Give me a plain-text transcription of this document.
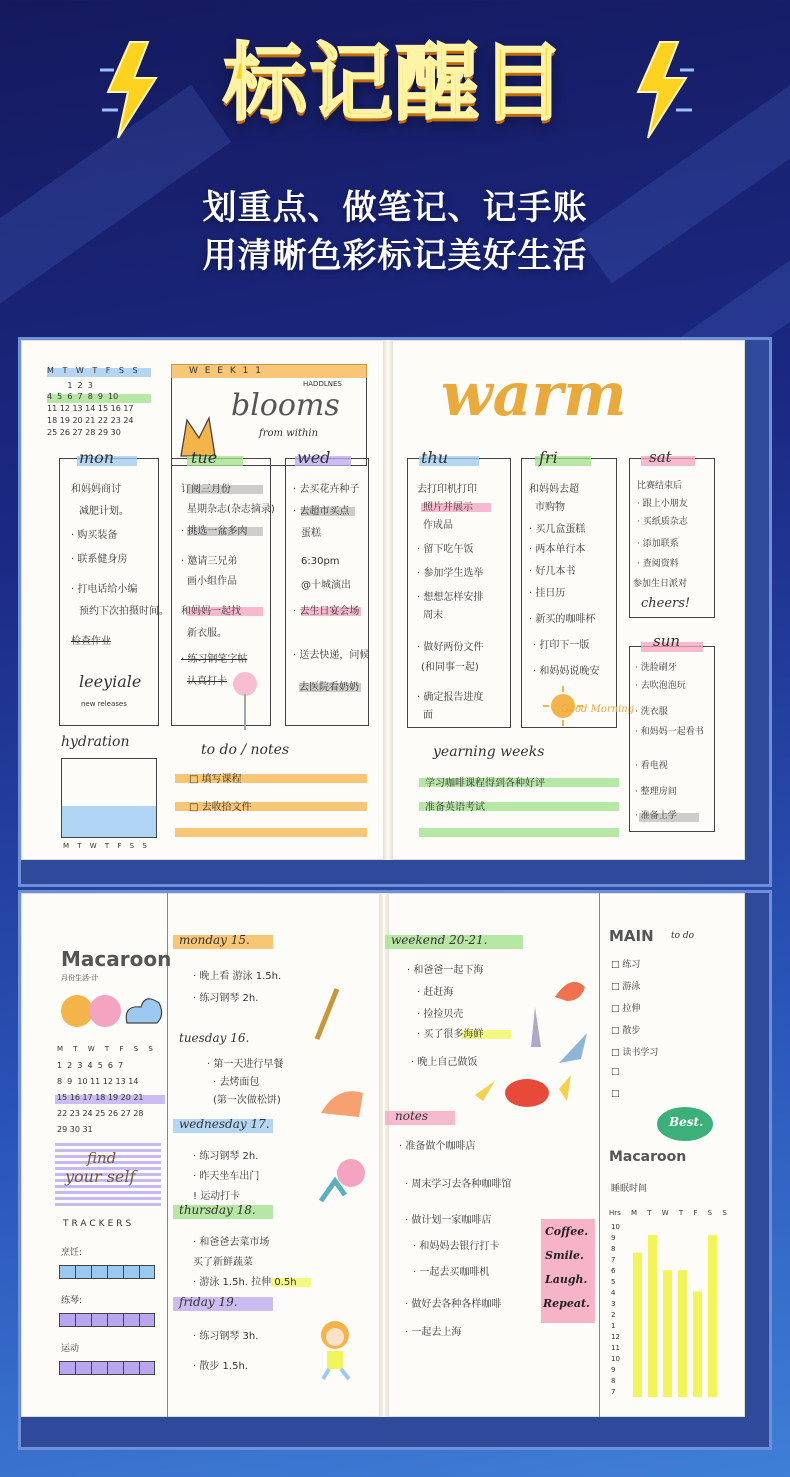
标记醒目
划重点、做笔记、记手账
用清晰色彩标记美好生活
M T W T F S S
1  2  3
4  5  6  7  8  9  10
11 12 13 14 15 16 17
18 19 20 21 22 23 24
25 26 27 28 29 30
W E E K 1 1
HADDLNES
blooms
from within
mon
和妈妈商讨
减肥计划。
· 购买装备
· 联系健身房
· 打电话给小编
预约下次拍摄时间。
检查作业
leeyiale
new releases
tue
订阅三月份
星期杂志(杂志摘录)
· 挑选一盆多肉
· 邀请三兄弟
画小组作品
和妈妈一起找
新衣服。
· 练习钢笔字帖
认真打卡
wed
· 去买花卉种子
· 去超市买点
蛋糕
6:30pm
@十城演出
· 去生日宴会场
· 送去快递，问候
去医院看奶奶
hydration
M T W T F S S
to do / notes
□ 填写课程
□ 去收拾文件
warm
thu
去打印机打印
照片并展示
作成品
· 留下吃午饭
· 参加学生选举
· 想想怎样安排
周末
· 做好两份文件
(和同事一起)
· 确定报告进度
面
fri
和妈妈去超
市购物
· 买几盒蛋糕
· 两本单行本
· 好几本书
· 挂日历
· 新买的咖啡杯
· 打印下一版
· 和妈妈说晚安
Good Morning
sat
比赛结束后
· 跟上小朋友
· 买纸质杂志
· 添加联系
· 查阅资料
参加生日派对
cheers!
sun
· 洗脸刷牙
· 去吹泡泡玩
· 洗衣服
· 和妈妈一起看书
· 看电视
· 整理房间
· 准备上学
yearning weeks
学习咖啡课程得到各种好评
准备英语考试
Macaroon
月份生活·计
M T W T F S S
1  2  3  4  5  6  7
8  9  10 11 12 13 14
15 16 17 18 19 20 21
22 23 24 25 26 27 28
29 30 31
find
your self
TRACKERS
烹饪:
练琴:
运动
monday 15.
· 晚上看 游泳 1.5h.
· 练习钢琴 2h.
tuesday 16.
· 第一天进行早餐
· 去烤面包
(第一次做松饼)
wednesday 17.
· 练习钢琴 2h.
· 昨天坐车出门
! 运动打卡
thursday 18.
· 和爸爸去菜市场
买了新鲜蔬菜
· 游泳 1.5h. 拉伸 0.5h
friday 19.
· 练习钢琴 3h.
· 散步 1.5h.
weekend 20-21.
· 和爸爸一起下海
· 赶赶海
· 捡捡贝壳
· 买了很多海鲜
· 晚上自己做饭
notes
· 准备做个咖啡店
· 周末学习去各种咖啡馆
· 做计划一家咖啡店
· 和妈妈去银行打卡
· 一起去买咖啡机
· 做好去各种各样咖啡
· 一起去上海
Coffee.
Smile.
Laugh.
Repeat.
MAIN to do
□ 练习
□ 游泳
□ 拉伸
□ 散步
□ 读书学习
□
□
Best.
Macaroon
睡眠时间
Hrs M T W T F S S
10
9
8
7
6
5
4
3
2
1
12
11
10
9
8
7
